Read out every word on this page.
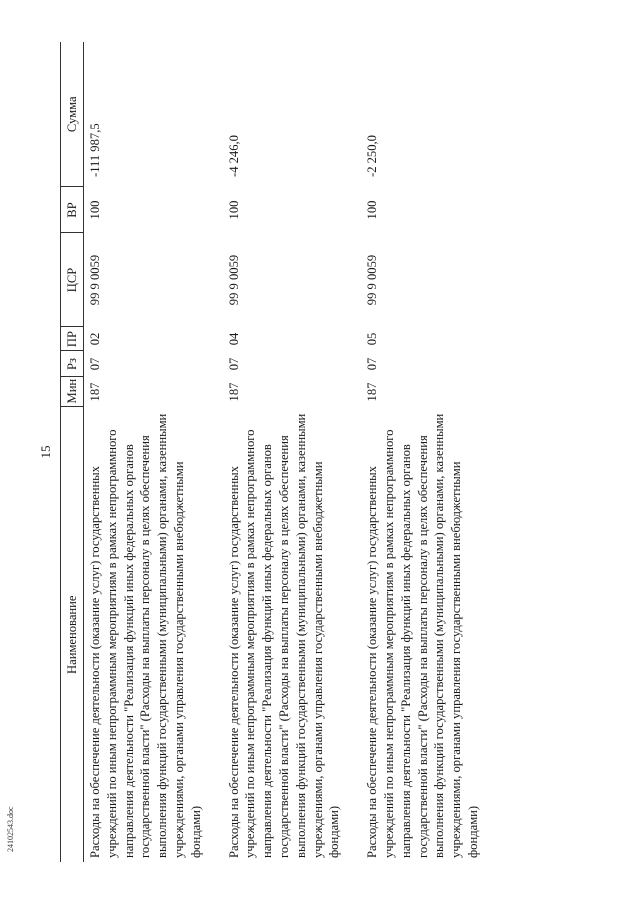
15
Наименование	Мин	Рз	ПР	ЦСР	ВР	Сумма
Расходы на обеспечение деятельности (оказание услуг) государственных учреждений по иным непрограммным мероприятиям в рамках непрограммного направления деятельности "Реализация функций иных федеральных органов государственной власти" (Расходы на выплаты персоналу в целях обеспечения выполнения функций государственными (муниципальными) органами, казенными учреждениями, органами управления государственными внебюджетными фондами)	187	07	02	99 9 0059	100	-111 987,5
Расходы на обеспечение деятельности (оказание услуг) государственных учреждений по иным непрограммным мероприятиям в рамках непрограммного направления деятельности "Реализация функций иных федеральных органов государственной власти" (Расходы на выплаты персоналу в целях обеспечения выполнения функций государственными (муниципальными) органами, казенными учреждениями, органами управления государственными внебюджетными фондами)	187	07	04	99 9 0059	100	-4 246,0
Расходы на обеспечение деятельности (оказание услуг) государственных учреждений по иным непрограммным мероприятиям в рамках непрограммного направления деятельности "Реализация функций иных федеральных органов государственной власти" (Расходы на выплаты персоналу в целях обеспечения выполнения функций государственными (муниципальными) органами, казенными учреждениями, органами управления государственными внебюджетными фондами)	187	07	05	99 9 0059	100	-2 250,0
24102543.doc
